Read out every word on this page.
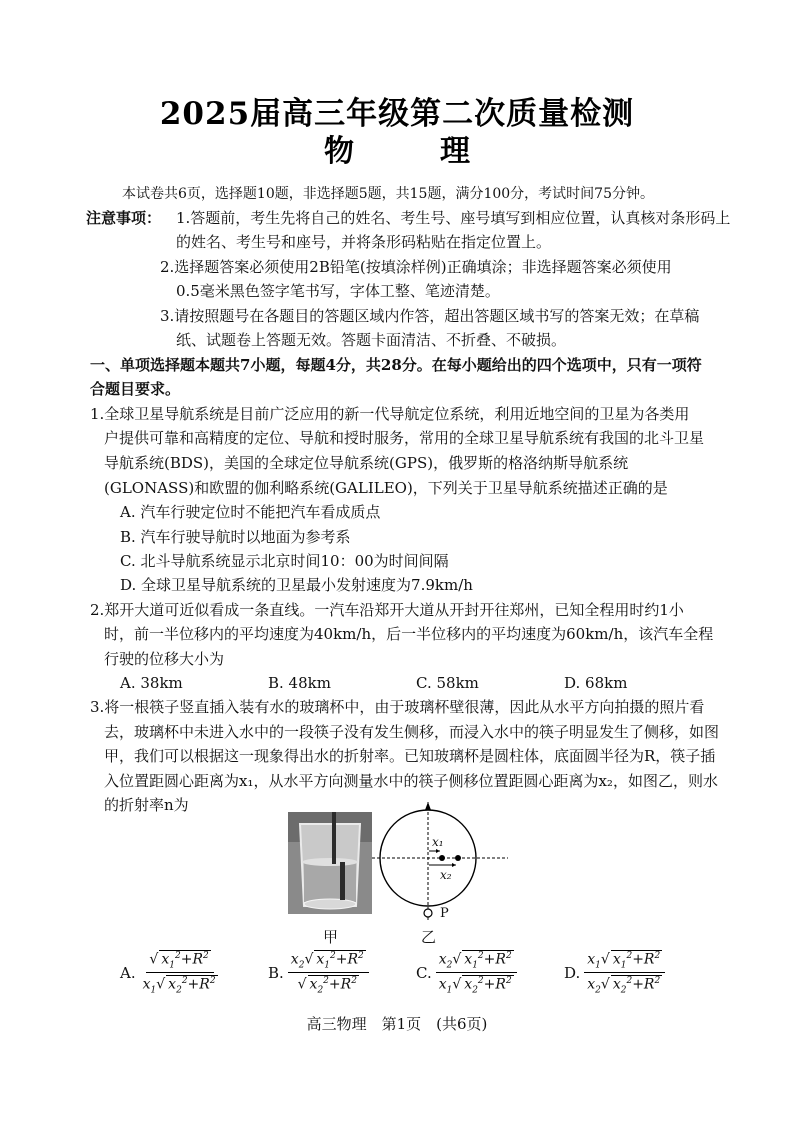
2025届高三年级第二次质量检测
物　理
本试卷共6页，选择题10题，非选择题5题，共15题，满分100分，考试时间75分钟。
注意事项： 1.答题前，考生先将自己的姓名、考生号、座号填写到相应位置，认真核对条形码上
的姓名、考生号和座号，并将条形码粘贴在指定位置上。
2.选择题答案必须使用2B铅笔(按填涂样例)正确填涂；非选择题答案必须使用
0.5毫米黑色签字笔书写，字体工整、笔迹清楚。
3.请按照题号在各题目的答题区域内作答，超出答题区域书写的答案无效；在草稿
纸、试题卷上答题无效。答题卡面清洁、不折叠、不破损。
一、单项选择题本题共7小题，每题4分，共28分。在每小题给出的四个选项中，只有一项符
合题目要求。
1.全球卫星导航系统是目前广泛应用的新一代导航定位系统，利用近地空间的卫星为各类用
户提供可靠和高精度的定位、导航和授时服务，常用的全球卫星导航系统有我国的北斗卫星
导航系统(BDS)，美国的全球定位导航系统(GPS)，俄罗斯的格洛纳斯导航系统
(GLONASS)和欧盟的伽利略系统(GALILEO)，下列关于卫星导航系统描述正确的是
A. 汽车行驶定位时不能把汽车看成质点
B. 汽车行驶导航时以地面为参考系
C. 北斗导航系统显示北京时间10：00为时间间隔
D. 全球卫星导航系统的卫星最小发射速度为7.9km/h
2.郑开大道可近似看成一条直线。一汽车沿郑开大道从开封开往郑州，已知全程用时约1小
时，前一半位移内的平均速度为40km/h，后一半位移内的平均速度为60km/h，该汽车全程
行驶的位移大小为
A. 38km	B. 48km	C. 58km	D. 68km
3.将一根筷子竖直插入装有水的玻璃杯中，由于玻璃杯壁很薄，因此从水平方向拍摄的照片看
去，玻璃杯中未进入水中的一段筷子没有发生侧移，而浸入水中的筷子明显发生了侧移，如图
甲，我们可以根据这一现象得出水的折射率。已知玻璃杯是圆柱体，底面圆半径为R，筷子插
入位置距圆心距离为x₁，从水平方向测量水中的筷子侧移位置距圆心距离为x₂，如图乙，则水
的折射率n为
甲
x₁
x₂
P
乙
A. $\frac{√ x_1^2+R^2}{x_1√ x_2^2+R^2}$	B. $\frac{x_2√ x_1^2+R^2}{√ x_2^2+R^2}$	C. $\frac{x_2√ x_1^2+R^2}{x_1√ x_2^2+R^2}$	D. $\frac{x_1√ x_1^2+R^2}{x_2√ x_2^2+R^2}$
高三物理　第1页　(共6页)
